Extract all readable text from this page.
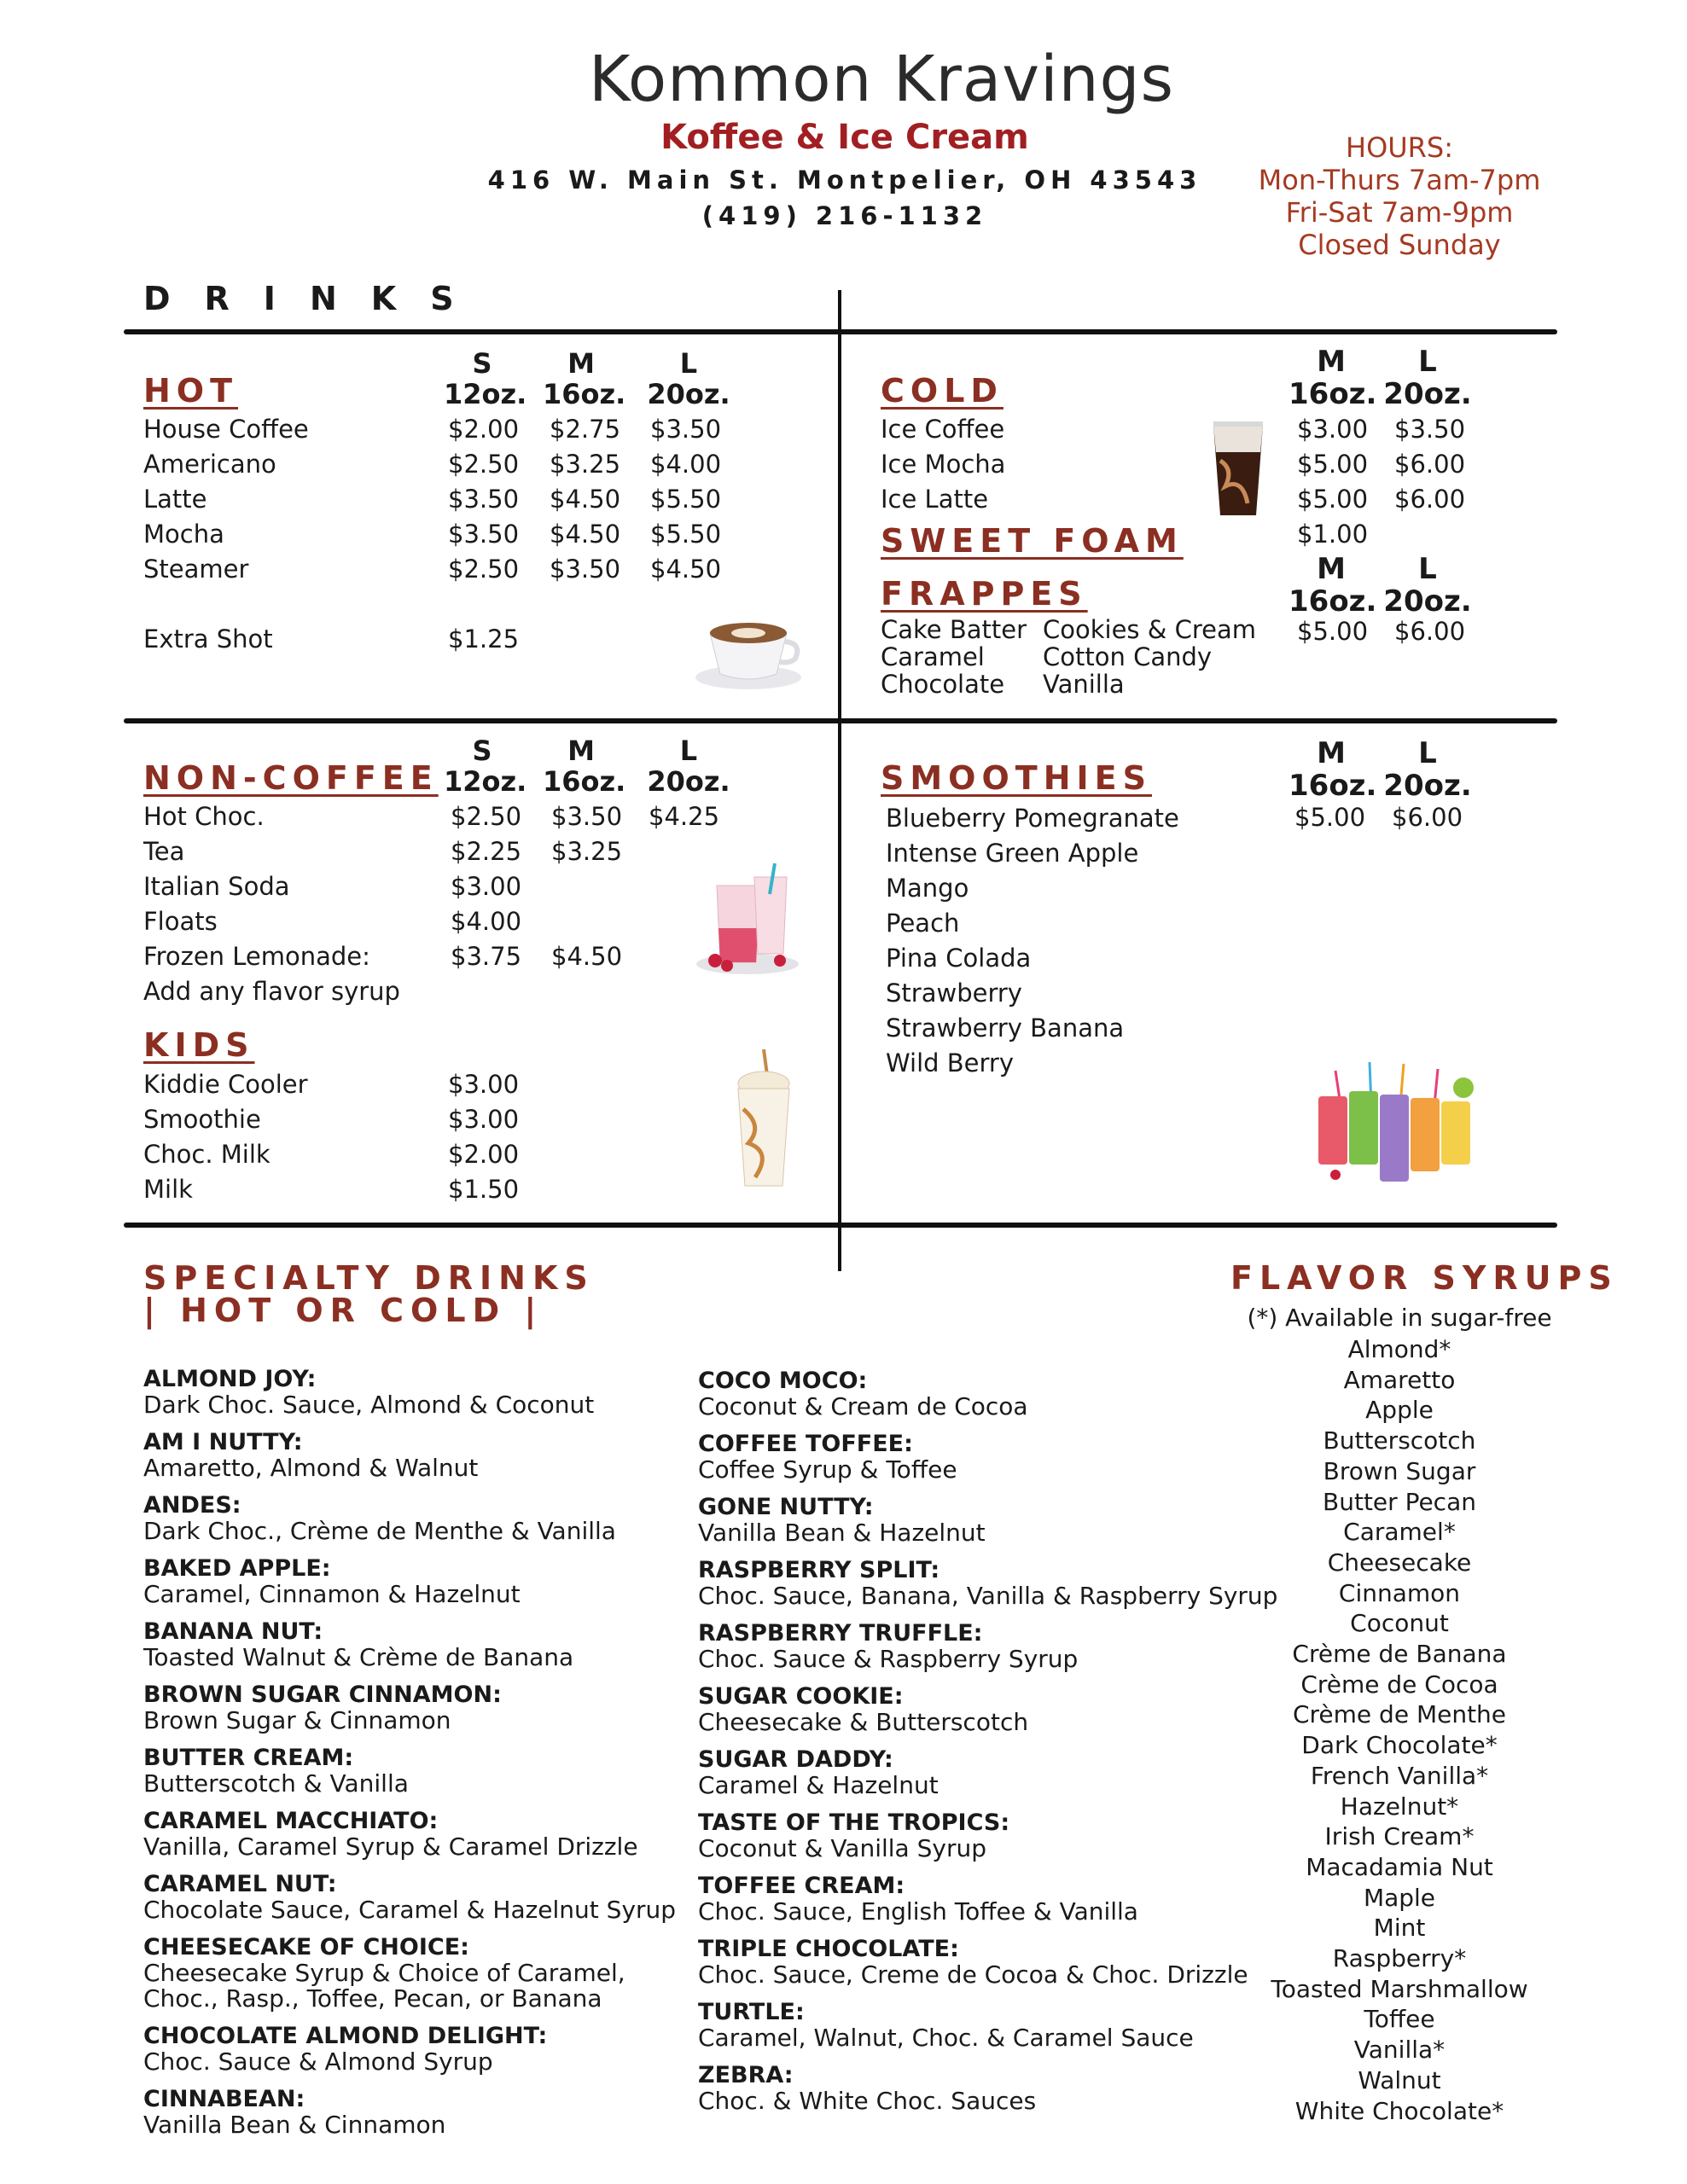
Kommon Kravings
Koffee & Ice Cream
416 W. Main St. Montpelier, OH 43543
(419) 216-1132
HOURS:
Mon-Thurs 7am-7pm
Fri-Sat 7am-9pm
Closed Sunday
DRINKS
HOT
S
12oz.
M
16oz.
L
20oz.
House Coffee	$2.00 $2.75 $3.50
Americano	$2.50 $3.25 $4.00
Latte	$3.50 $4.50 $5.50
Mocha	$3.50 $4.50 $5.50
Steamer	$2.50 $3.50 $4.50
Extra Shot	$1.25
COLD
M
16oz.
L
20oz.
Ice Coffee	$3.00 $3.50
Ice Mocha	$5.00 $6.00
Ice Latte	$5.00 $6.00
SWEET FOAM	$1.00
FRAPPES
M
16oz.
L
20oz.
Cake Batter
Caramel
Chocolate
Cookies & Cream
Cotton Candy
Vanilla
$5.00 $6.00
NON-COFFEE
S
12oz.
M
16oz.
L
20oz.
Hot Choc.	$2.50 $3.50 $4.25
Tea	$2.25 $3.25
Italian Soda	$3.00
Floats	$4.00
Frozen Lemonade:	$3.75 $4.50
Add any flavor syrup
KIDS
Kiddie Cooler	$3.00
Smoothie	$3.00
Choc. Milk	$2.00
Milk	$1.50
SMOOTHIES
M
16oz.
L
20oz.
$5.00 $6.00
Blueberry Pomegranate
Intense Green Apple
Mango
Peach
Pina Colada
Strawberry
Strawberry Banana
Wild Berry
SPECIALTY DRINKS
| HOT OR COLD |
ALMOND JOY:
Dark Choc. Sauce, Almond & Coconut
AM I NUTTY:
Amaretto, Almond & Walnut
ANDES:
Dark Choc., Crème de Menthe & Vanilla
BAKED APPLE:
Caramel, Cinnamon & Hazelnut
BANANA NUT:
Toasted Walnut & Crème de Banana
BROWN SUGAR CINNAMON:
Brown Sugar & Cinnamon
BUTTER CREAM:
Butterscotch & Vanilla
CARAMEL MACCHIATO:
Vanilla, Caramel Syrup & Caramel Drizzle
CARAMEL NUT:
Chocolate Sauce, Caramel & Hazelnut Syrup
CHEESECAKE OF CHOICE:
Cheesecake Syrup & Choice of Caramel,
Choc., Rasp., Toffee, Pecan, or Banana
CHOCOLATE ALMOND DELIGHT:
Choc. Sauce & Almond Syrup
CINNABEAN:
Vanilla Bean & Cinnamon
COCO MOCO:
Coconut & Cream de Cocoa
COFFEE TOFFEE:
Coffee Syrup & Toffee
GONE NUTTY:
Vanilla Bean & Hazelnut
RASPBERRY SPLIT:
Choc. Sauce, Banana, Vanilla & Raspberry Syrup
RASPBERRY TRUFFLE:
Choc. Sauce & Raspberry Syrup
SUGAR COOKIE:
Cheesecake & Butterscotch
SUGAR DADDY:
Caramel & Hazelnut
TASTE OF THE TROPICS:
Coconut & Vanilla Syrup
TOFFEE CREAM:
Choc. Sauce, English Toffee & Vanilla
TRIPLE CHOCOLATE:
Choc. Sauce, Creme de Cocoa & Choc. Drizzle
TURTLE:
Caramel, Walnut, Choc. & Caramel Sauce
ZEBRA:
Choc. & White Choc. Sauces
FLAVOR SYRUPS
(*) Available in sugar-free
Almond*
Amaretto
Apple
Butterscotch
Brown Sugar
Butter Pecan
Caramel*
Cheesecake
Cinnamon
Coconut
Crème de Banana
Crème de Cocoa
Crème de Menthe
Dark Chocolate*
French Vanilla*
Hazelnut*
Irish Cream*
Macadamia Nut
Maple
Mint
Raspberry*
Toasted Marshmallow
Toffee
Vanilla*
Walnut
White Chocolate*
